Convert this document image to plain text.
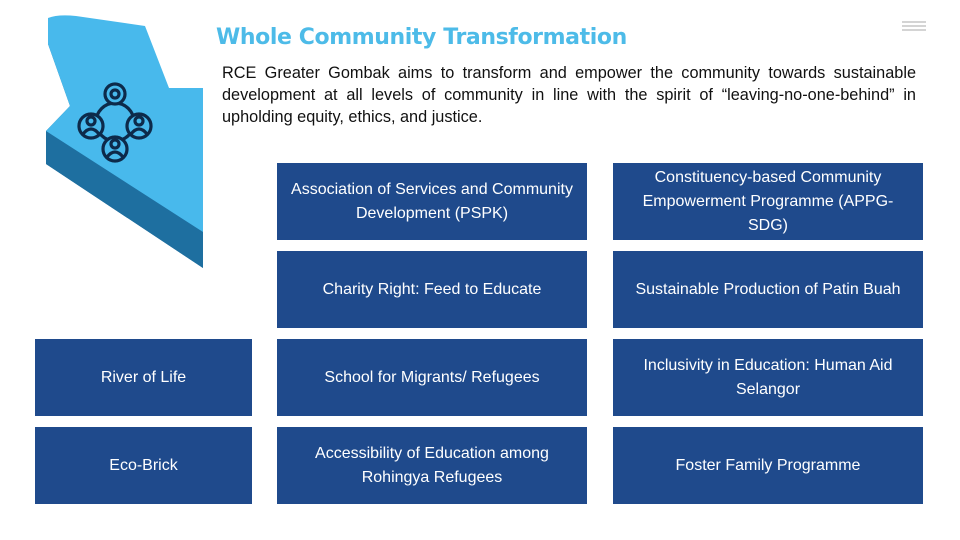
Whole Community Transformation

RCE Greater Gombak aims to transform and empower the community towards sustainable development at all levels of community in line with the spirit of “leaving-no-one-behind” in upholding equity, ethics, and justice.

Association of Services and Community Development (PSPK)
Constituency-based Community Empowerment Programme (APPG-SDG)
Charity Right: Feed to Educate	Sustainable Production of Patin Buah
River of Life	School for Migrants/ Refugees
Inclusivity in Education: Human Aid Selangor
Eco-Brick
Accessibility of Education among Rohingya Refugees
Foster Family Programme
